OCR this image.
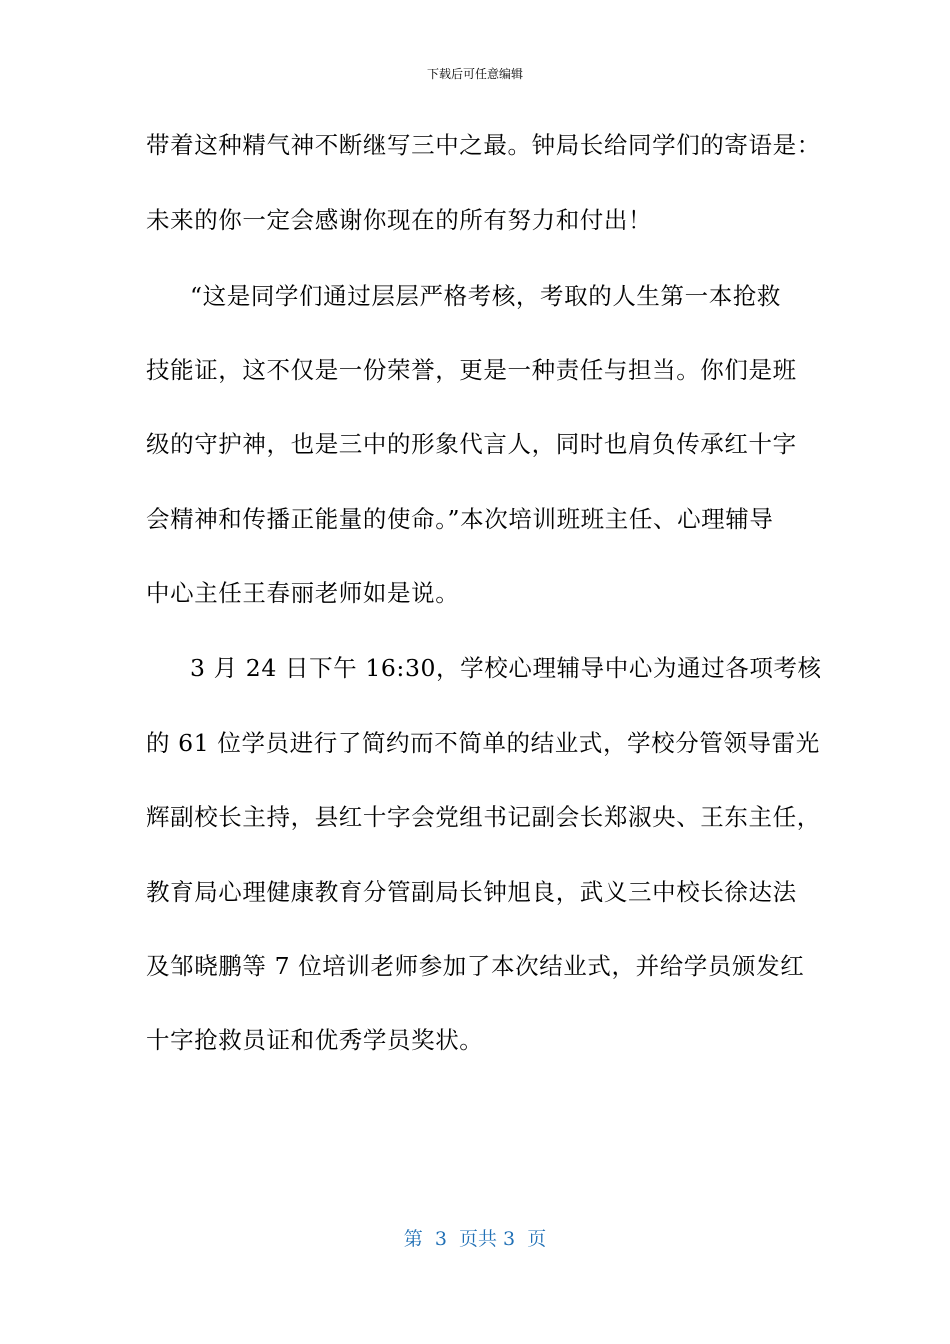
下载后可任意编辑
带着这种精气神不断继写三中之最。钟局长给同学们的寄语是：
未来的你一定会感谢你现在的所有努力和付出！
“这是同学们通过层层严格考核，考取的人生第一本抢救
技能证，这不仅是一份荣誉，更是一种责任与担当。你们是班
级的守护神，也是三中的形象代言人，同时也肩负传承红十字
会精神和传播正能量的使命。”本次培训班班主任、心理辅导
中心主任王春丽老师如是说。
3 月 24 日下午 16:30，学校心理辅导中心为通过各项考核
的 61 位学员进行了简约而不简单的结业式，学校分管领导雷光
辉副校长主持，县红十字会党组书记副会长郑淑央、王东主任，
教育局心理健康教育分管副局长钟旭良，武义三中校长徐达法
及邹晓鹏等 7 位培训老师参加了本次结业式，并给学员颁发红
十字抢救员证和优秀学员奖状。
第  3  页共 3  页
